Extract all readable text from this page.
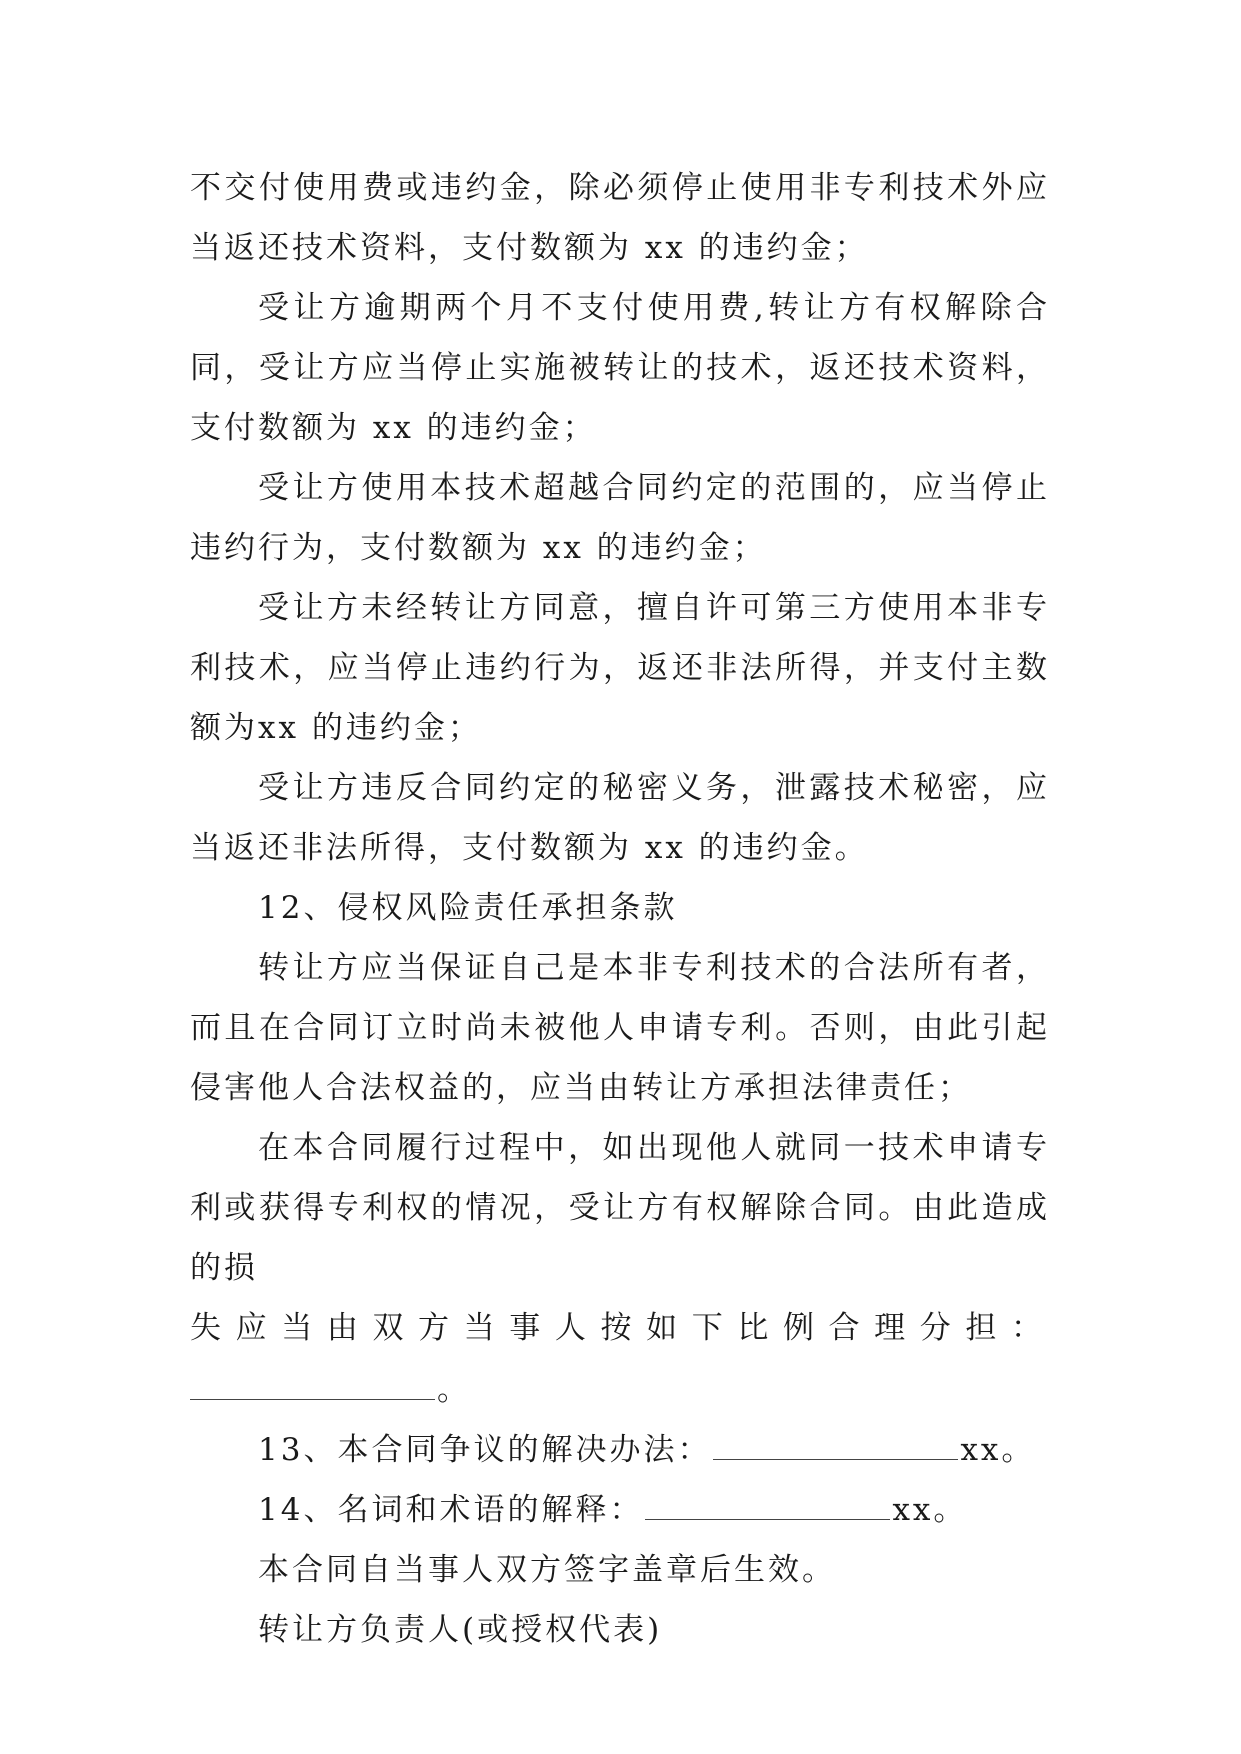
不交付使用费或违约金，除必须停止使用非专利技术外应当返还技术资料，支付数额为 xx 的违约金；

受让方逾期两个月不支付使用费,转让方有权解除合同，受让方应当停止实施被转让的技术，返还技术资料，支付数额为 xx 的违约金；

受让方使用本技术超越合同约定的范围的，应当停止违约行为，支付数额为 xx 的违约金；

受让方未经转让方同意，擅自许可第三方使用本非专利技术，应当停止违约行为，返还非法所得，并支付主数额为xx 的违约金；

受让方违反合同约定的秘密义务，泄露技术秘密，应当返还非法所得，支付数额为 xx 的违约金。

12、侵权风险责任承担条款

转让方应当保证自己是本非专利技术的合法所有者，而且在合同订立时尚未被他人申请专利。否则，由此引起侵害他人合法权益的，应当由转让方承担法律责任；

在本合同履行过程中，如出现他人就同一技术申请专利或获得专利权的情况，受让方有权解除合同。由此造成的损

失应当由双方当事人按如下比例合理分担：

。

13、本合同争议的解决办法：	xx。

14、名词和术语的解释：	xx。

本合同自当事人双方签字盖章后生效。

转让方负责人(或授权代表)
